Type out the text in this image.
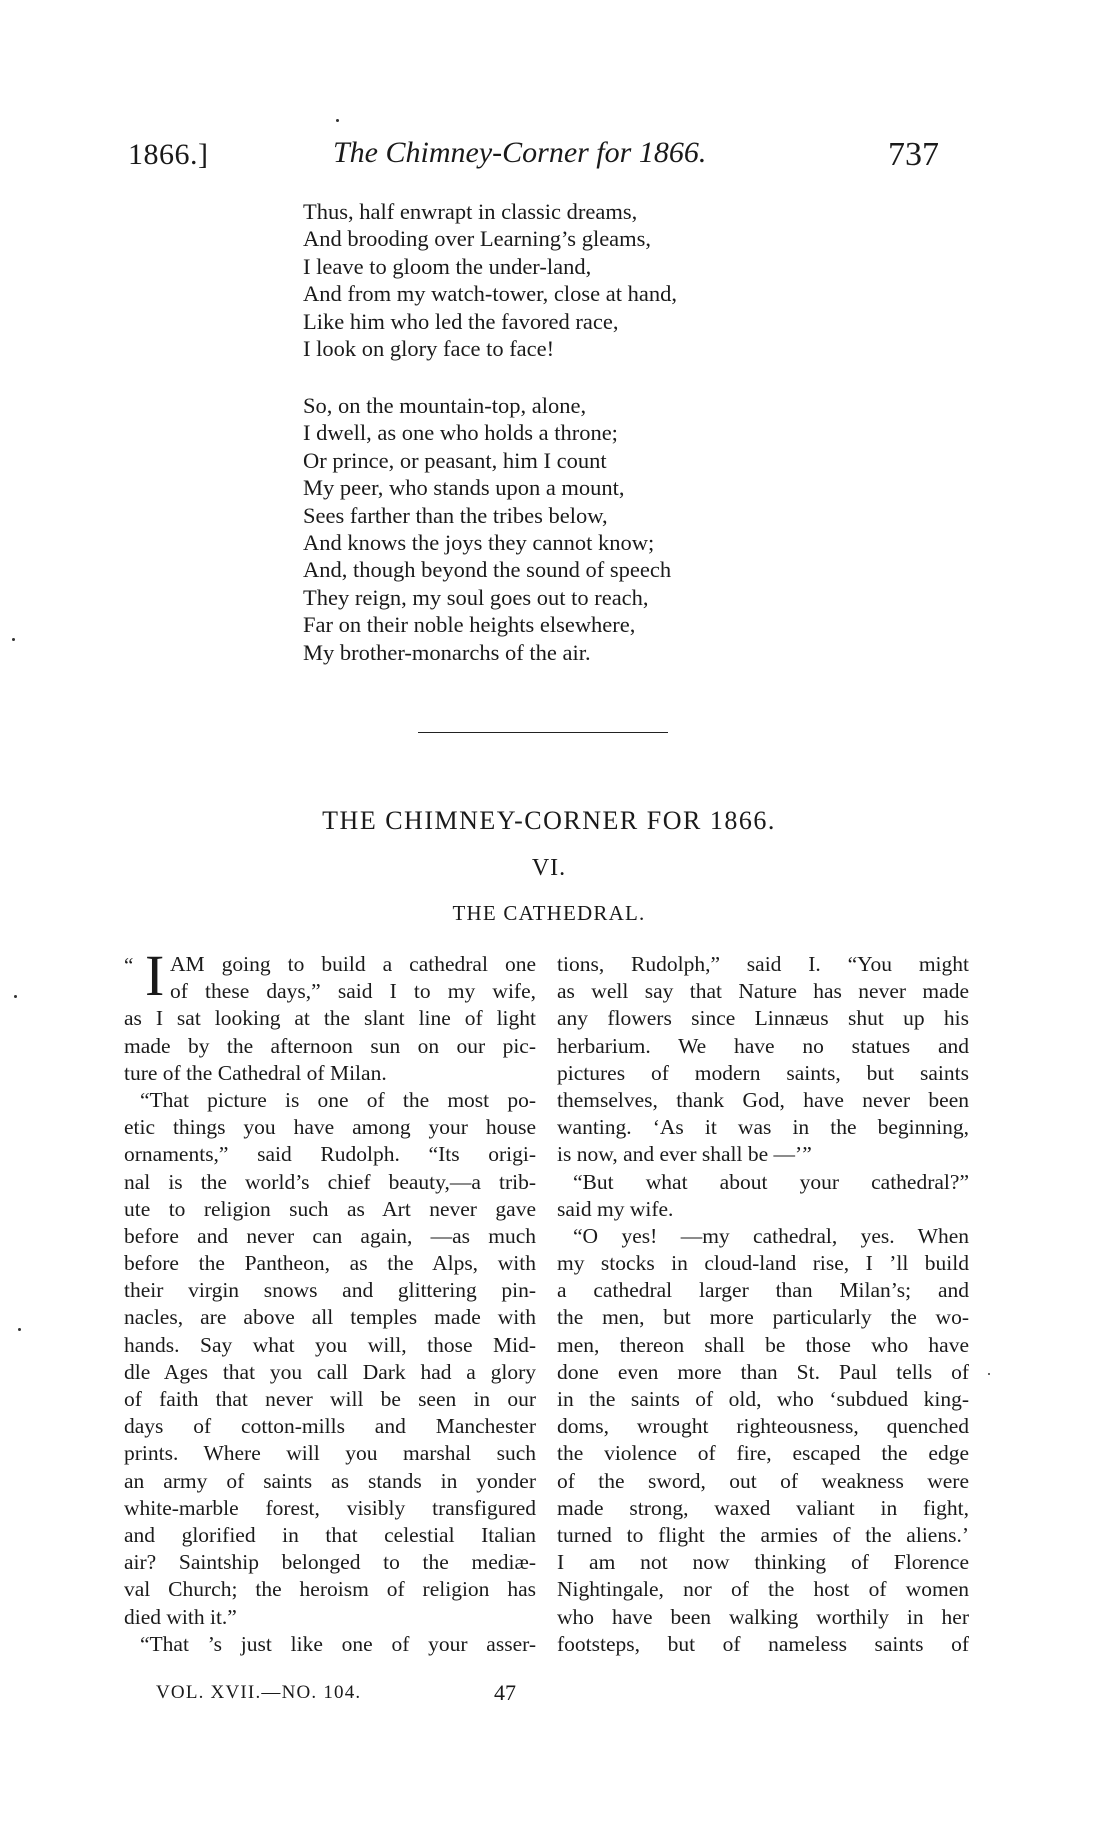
1866.]	The Chimney-Corner for 1866.	737
Thus, half enwrapt in classic dreams,
And brooding over Learning’s gleams,
I leave to gloom the under-land,
And from my watch-tower, close at hand,
Like him who led the favored race,
I look on glory face to face!
So, on the mountain-top, alone,
I dwell, as one who holds a throne;
Or prince, or peasant, him I count
My peer, who stands upon a mount,
Sees farther than the tribes below,
And knows the joys they cannot know;
And, though beyond the sound of speech
They reign, my soul goes out to reach,
Far on their noble heights elsewhere,
My brother-monarchs of the air.
THE CHIMNEY-CORNER FOR 1866.
VI.
THE CATHEDRAL.
“ I AM going to build a cathedral one
of these days,” said I to my wife,
as I sat looking at the slant line of light
made by the afternoon sun on our pic-
ture of the Cathedral of Milan.
“That picture is one of the most po-
etic things you have among your house
ornaments,” said Rudolph. “Its origi-
nal is the world’s chief beauty,—a trib-
ute to religion such as Art never gave
before and never can again, —as much
before the Pantheon, as the Alps, with
their virgin snows and glittering pin-
nacles, are above all temples made with
hands. Say what you will, those Mid-
dle Ages that you call Dark had a glory
of faith that never will be seen in our
days of cotton-mills and Manchester
prints. Where will you marshal such
an army of saints as stands in yonder
white-marble forest, visibly transfigured
and glorified in that celestial Italian
air? Saintship belonged to the mediæ-
val Church; the heroism of religion has
died with it.”
“That ’s just like one of your asser-
tions, Rudolph,” said I. “You might
as well say that Nature has never made
any flowers since Linnæus shut up his
herbarium. We have no statues and
pictures of modern saints, but saints
themselves, thank God, have never been
wanting. ‘As it was in the beginning,
is now, and ever shall be —’”
“But what about your cathedral?”
said my wife.
“O yes! —my cathedral, yes. When
my stocks in cloud-land rise, I ’ll build
a cathedral larger than Milan’s; and
the men, but more particularly the wo-
men, thereon shall be those who have
done even more than St. Paul tells of
in the saints of old, who ‘subdued king-
doms, wrought righteousness, quenched
the violence of fire, escaped the edge
of the sword, out of weakness were
made strong, waxed valiant in fight,
turned to flight the armies of the aliens.’
I am not now thinking of Florence
Nightingale, nor of the host of women
who have been walking worthily in her
footsteps, but of nameless saints of
VOL. XVII.—NO. 104.	47
